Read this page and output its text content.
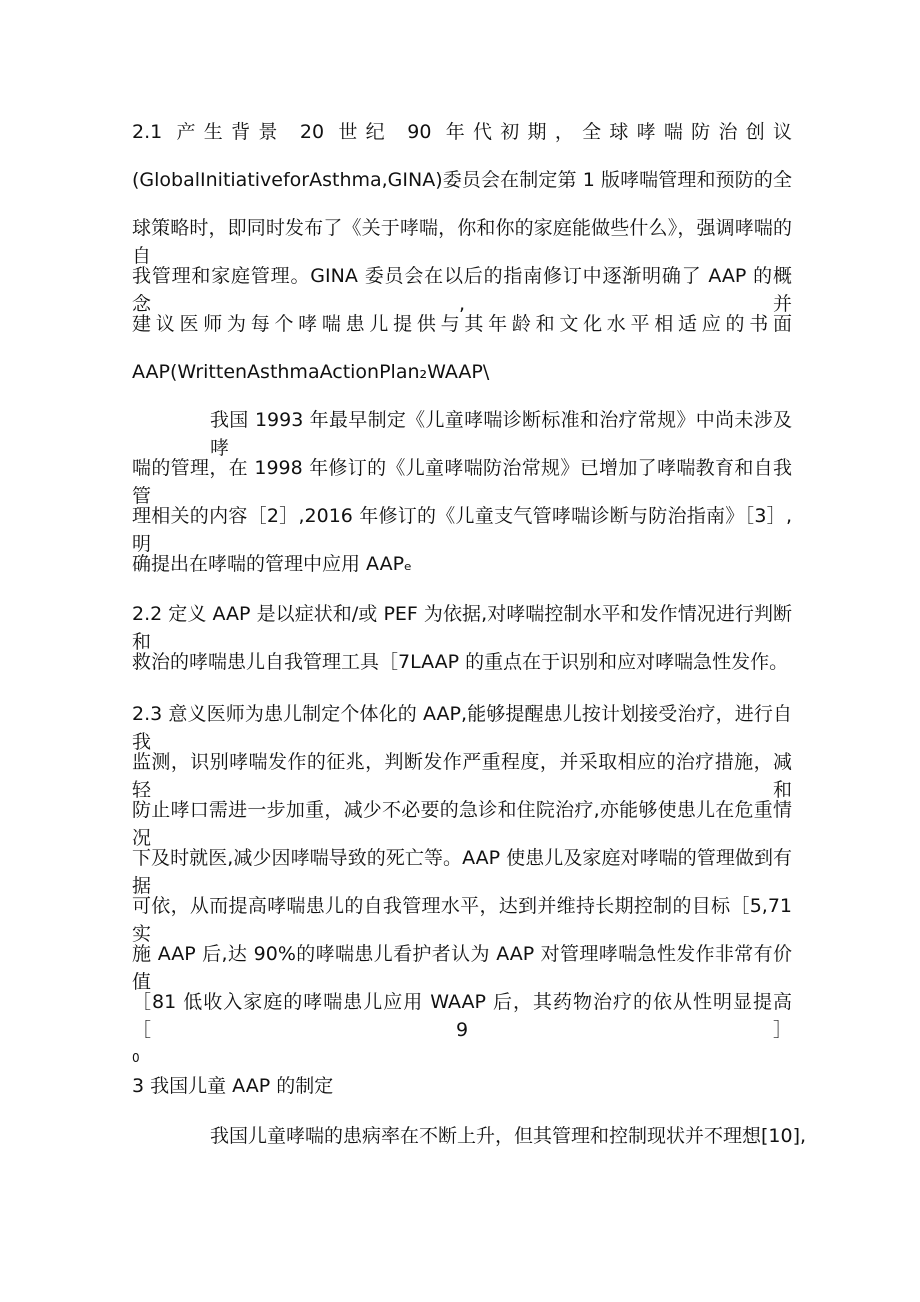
2.1 产生背景 20 世纪 90 年代初期，全球哮喘防治创议
(GlobalInitiativeforAsthma,GINA)委员会在制定第 1 版哮喘管理和预防的全
球策略时，即同时发布了《关于哮喘，你和你的家庭能做些什么》，强调哮喘的自
我管理和家庭管理。GINA 委员会在以后的指南修订中逐渐明确了 AAP 的概念,并
建议医师为每个哮喘患儿提供与其年龄和文化水平相适应的书面
AAP(WrittenAsthmaActionPlan₂WAAP\
我国 1993 年最早制定《儿童哮喘诊断标准和治疗常规》中尚未涉及哮
喘的管理，在 1998 年修订的《儿童哮喘防治常规》已增加了哮喘教育和自我管
理相关的内容［2］,2016 年修订的《儿童支气管哮喘诊断与防治指南》［3］,明
确提出在哮喘的管理中应用 AAPₑ
2.2 定义 AAP 是以症状和/或 PEF 为依据,对哮喘控制水平和发作情况进行判断和
救治的哮喘患儿自我管理工具［7LAAP 的重点在于识别和应对哮喘急性发作。
2.3 意义医师为患儿制定个体化的 AAP,能够提醒患儿按计划接受治疗，进行自我
监测，识别哮喘发作的征兆，判断发作严重程度，并采取相应的治疗措施，减轻和
防止哮口需进一步加重，减少不必要的急诊和住院治疗,亦能够使患儿在危重情况
下及时就医,减少因哮喘导致的死亡等。AAP 使患儿及家庭对哮喘的管理做到有据
可依，从而提高哮喘患儿的自我管理水平，达到并维持长期控制的目标［5,71 实
施 AAP 后,达 90%的哮喘患儿看护者认为 AAP 对管理哮喘急性发作非常有价值
［81 低收入家庭的哮喘患儿应用 WAAP 后，其药物治疗的依从性明显提高［9］
0
3 我国儿童 AAP 的制定
我国儿童哮喘的患病率在不断上升，但其管理和控制现状并不理想[10],
